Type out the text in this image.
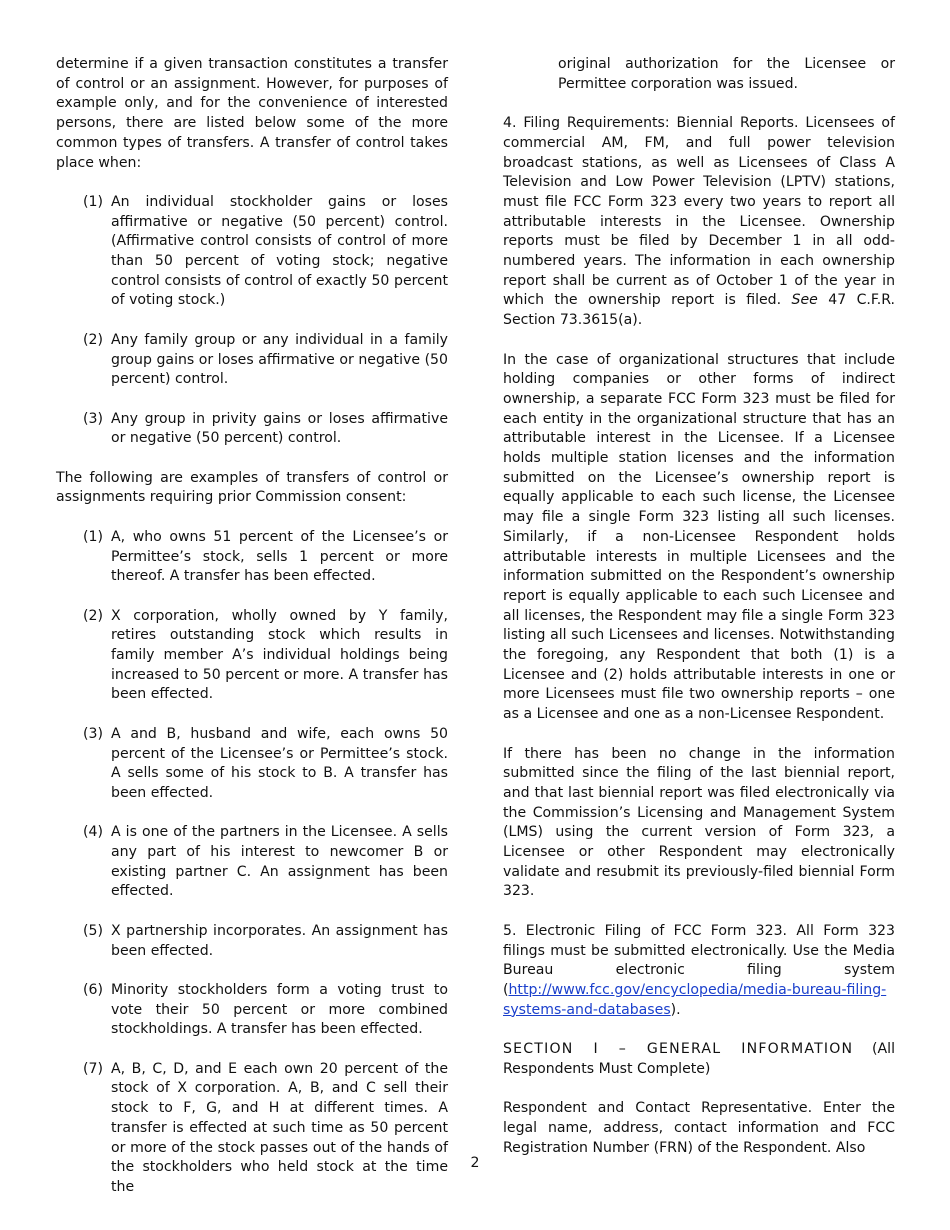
determine if a given transaction constitutes a transfer of control or an assignment. However, for purposes of example only, and for the convenience of interested persons, there are listed below some of the more common types of transfers. A transfer of control takes place when:

(1) An individual stockholder gains or loses affirmative or negative (50 percent) control. (Affirmative control consists of control of more than 50 percent of voting stock; negative control consists of control of exactly 50 percent of voting stock.)
(2) Any family group or any individual in a family group gains or loses affirmative or negative (50 percent) control.
(3) Any group in privity gains or loses affirmative or negative (50 percent) control.

The following are examples of transfers of control or assignments requiring prior Commission consent:

(1) A, who owns 51 percent of the Licensee’s or Permittee’s stock, sells 1 percent or more thereof. A transfer has been effected.
(2) X corporation, wholly owned by Y family, retires outstanding stock which results in family member A’s individual holdings being increased to 50 percent or more. A transfer has been effected.
(3) A and B, husband and wife, each owns 50 percent of the Licensee’s or Permittee’s stock. A sells some of his stock to B. A transfer has been effected.
(4) A is one of the partners in the Licensee. A sells any part of his interest to newcomer B or existing partner C. An assignment has been effected.
(5) X partnership incorporates. An assignment has been effected.
(6) Minority stockholders form a voting trust to vote their 50 percent or more combined stockholdings. A transfer has been effected.
(7) A, B, C, D, and E each own 20 percent of the stock of X corporation. A, B, and C sell their stock to F, G, and H at different times. A transfer is effected at such time as 50 percent or more of the stock passes out of the hands of the stockholders who held stock at the time the
original authorization for the Licensee or Permittee corporation was issued.

4. Filing Requirements: Biennial Reports. Licensees of commercial AM, FM, and full power television broadcast stations, as well as Licensees of Class A Television and Low Power Television (LPTV) stations, must file FCC Form 323 every two years to report all attributable interests in the Licensee. Ownership reports must be filed by December 1 in all odd-numbered years. The information in each ownership report shall be current as of October 1 of the year in which the ownership report is filed. See 47 C.F.R. Section 73.3615(a).

In the case of organizational structures that include holding companies or other forms of indirect ownership, a separate FCC Form 323 must be filed for each entity in the organizational structure that has an attributable interest in the Licensee. If a Licensee holds multiple station licenses and the information submitted on the Licensee’s ownership report is equally applicable to each such license, the Licensee may file a single Form 323 listing all such licenses. Similarly, if a non-Licensee Respondent holds attributable interests in multiple Licensees and the information submitted on the Respondent’s ownership report is equally applicable to each such Licensee and all licenses, the Respondent may file a single Form 323 listing all such Licensees and licenses. Notwithstanding the foregoing, any Respondent that both (1) is a Licensee and (2) holds attributable interests in one or more Licensees must file two ownership reports – one as a Licensee and one as a non-Licensee Respondent.

If there has been no change in the information submitted since the filing of the last biennial report, and that last biennial report was filed electronically via the Commission’s Licensing and Management System (LMS) using the current version of Form 323, a Licensee or other Respondent may electronically validate and resubmit its previously-filed biennial Form 323.

5. Electronic Filing of FCC Form 323. All Form 323 filings must be submitted electronically. Use the Media Bureau electronic filing system (http://www.fcc.gov/encyclopedia/media-bureau-filing-systems-and-databases).

SECTION I – GENERAL INFORMATION (All Respondents Must Complete)

Respondent and Contact Representative. Enter the legal name, address, contact information and FCC Registration Number (FRN) of the Respondent. Also

2
